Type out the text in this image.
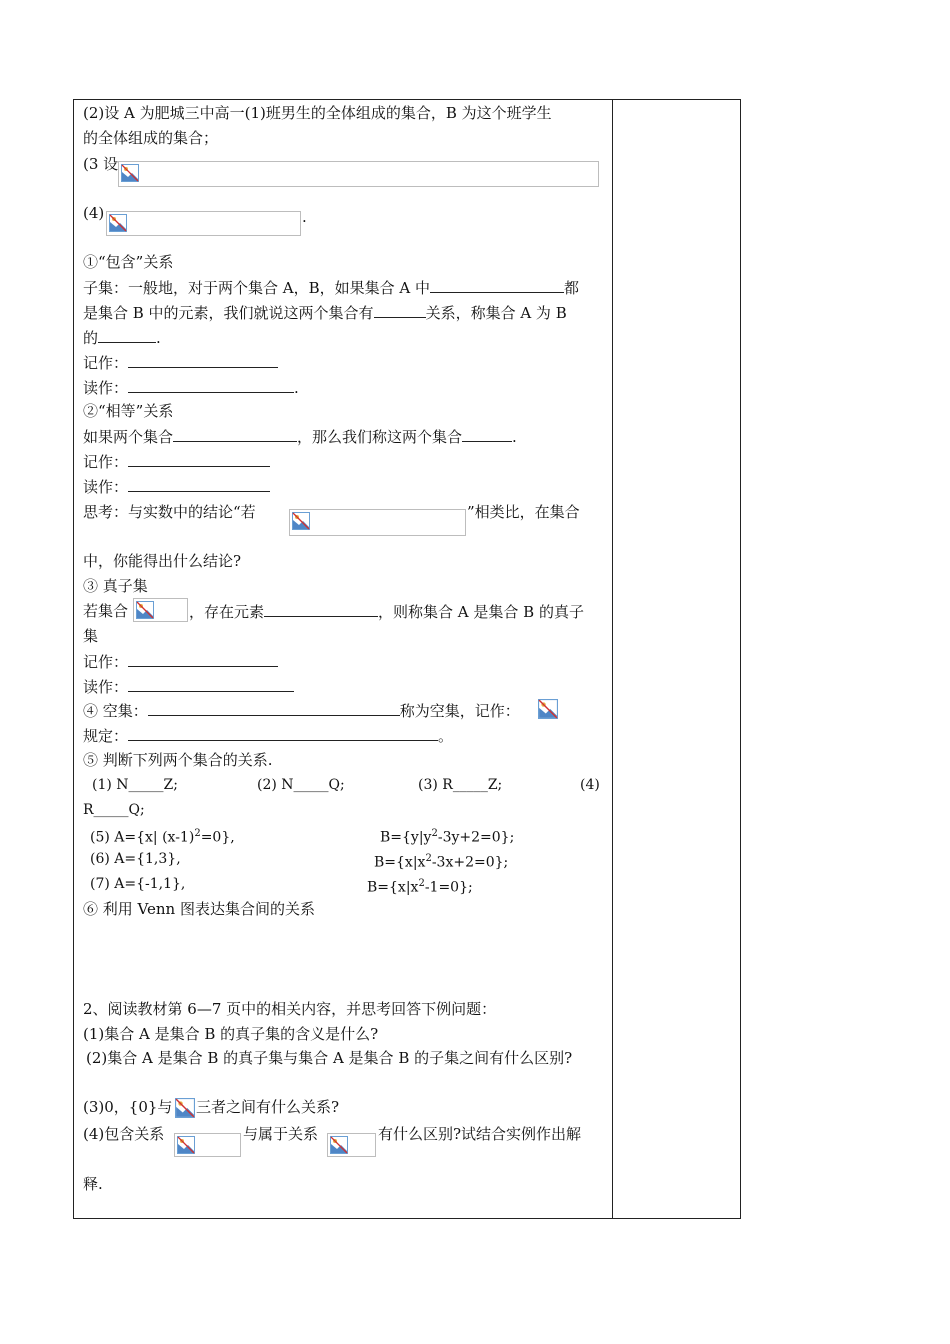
(2)设 A 为肥城三中高一(1)班男生的全体组成的集合，B 为这个班学生
的全体组成的集合；
(3 设
(4)	.
①“包含”关系
子集：一般地，对于两个集合 A，B，如果集合 A 中	都
是集合 B 中的元素，我们就说这两个集合有	关系，称集合 A 为 B
的	.
记作：
读作：	.
②“相等”关系
如果两个集合	，那么我们称这两个集合	.
记作：
读作：
思考：与实数中的结论“若	”相类比，在集合
中，你能得出什么结论?
③ 真子集
若集合	，存在元素	，则称集合 A 是集合 B 的真子
集
记作：
读作：
④ 空集：	称为空集，记作：
规定：	。
⑤ 判断下列两个集合的关系.
(1) N_____Z;	(2) N_____Q;	(3) R_____Z;	(4)
R_____Q;
(5) A={x| $(x-1)^2=0$},	$B=\{y|y^2-3y+2=0\}$;
(6) A={1,3},	$B=\{x|x^2-3x+2=0\}$;
(7) A={-1,1},	$B=\{x|x^2-1=0\}$;
⑥ 利用 Venn 图表达集合间的关系
2、阅读教材第 6—7 页中的相关内容，并思考回答下例问题：
(1)集合 A 是集合 B 的真子集的含义是什么?
(2)集合 A 是集合 B 的真子集与集合 A 是集合 B 的子集之间有什么区别?
(3)0，{0}与 三者之间有什么关系?
(4)包含关系	与属于关系	有什么区别?试结合实例作出解
释.
